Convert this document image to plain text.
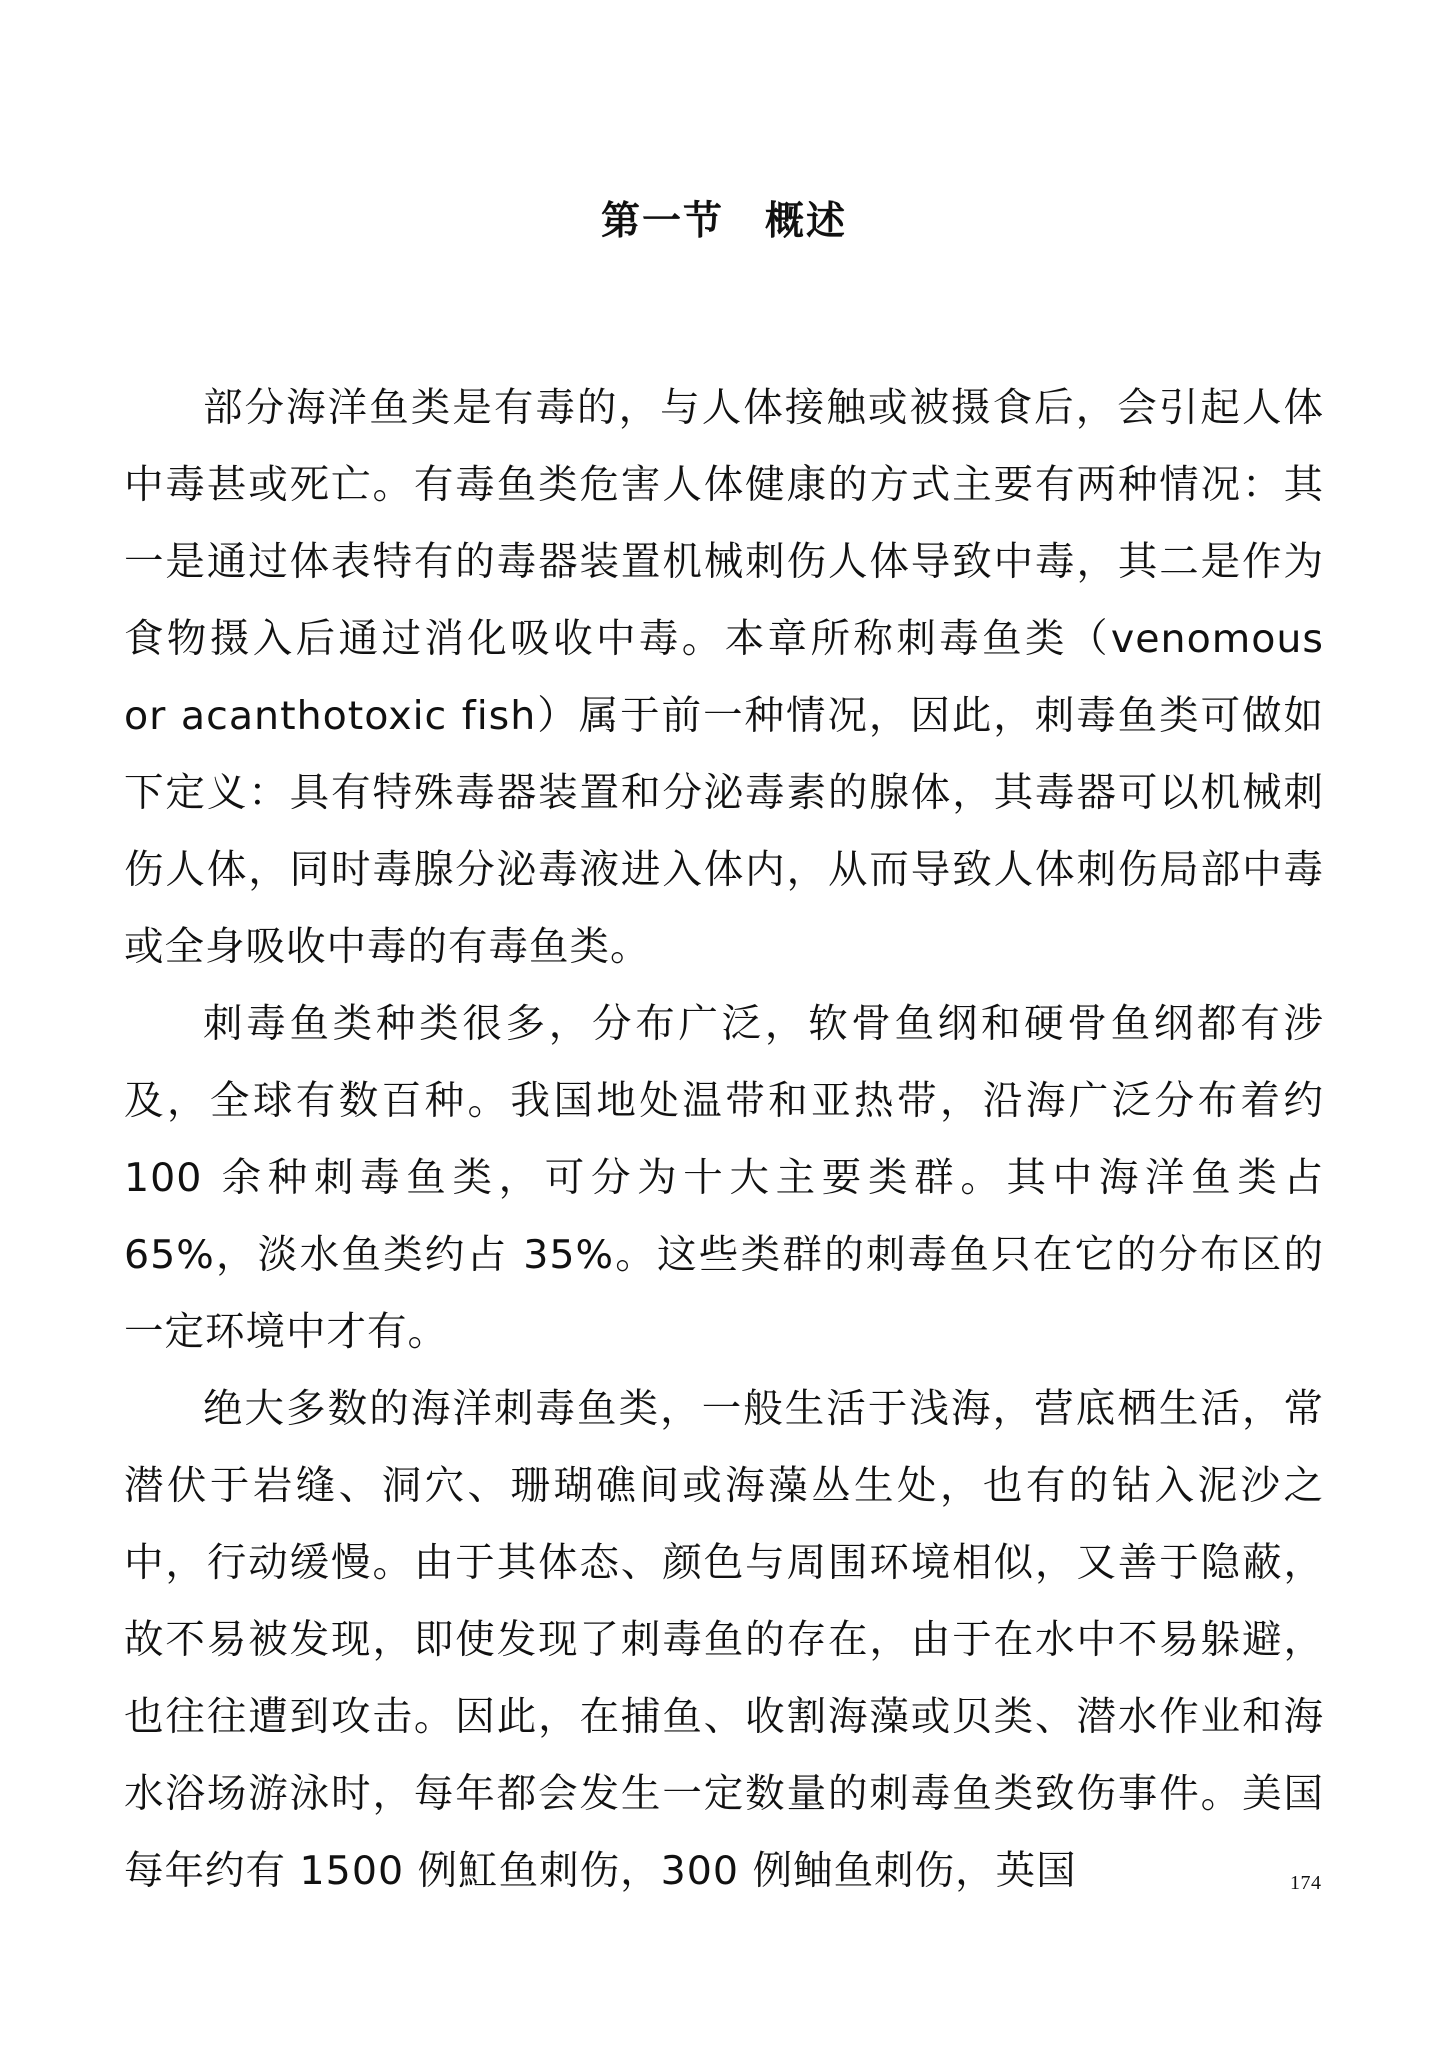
第一节　概述

部分海洋鱼类是有毒的，与人体接触或被摄食后，会引起人体中毒甚或死亡。有毒鱼类危害人体健康的方式主要有两种情况：其一是通过体表特有的毒器装置机械刺伤人体导致中毒，其二是作为食物摄入后通过消化吸收中毒。本章所称刺毒鱼类（venomous or acanthotoxic fish）属于前一种情况，因此，刺毒鱼类可做如下定义：具有特殊毒器装置和分泌毒素的腺体，其毒器可以机械刺伤人体，同时毒腺分泌毒液进入体内，从而导致人体刺伤局部中毒或全身吸收中毒的有毒鱼类。

刺毒鱼类种类很多，分布广泛，软骨鱼纲和硬骨鱼纲都有涉及，全球有数百种。我国地处温带和亚热带，沿海广泛分布着约 100 余种刺毒鱼类，可分为十大主要类群。其中海洋鱼类占 65%，淡水鱼类约占 35%。这些类群的刺毒鱼只在它的分布区的一定环境中才有。

绝大多数的海洋刺毒鱼类，一般生活于浅海，营底栖生活，常潜伏于岩缝、洞穴、珊瑚礁间或海藻丛生处，也有的钻入泥沙之中，行动缓慢。由于其体态、颜色与周围环境相似，又善于隐蔽，故不易被发现，即使发现了刺毒鱼的存在，由于在水中不易躲避，也往往遭到攻击。因此，在捕鱼、收割海藻或贝类、潜水作业和海水浴场游泳时，每年都会发生一定数量的刺毒鱼类致伤事件。美国每年约有 1500 例魟鱼刺伤，300 例鲉鱼刺伤，英国	174
